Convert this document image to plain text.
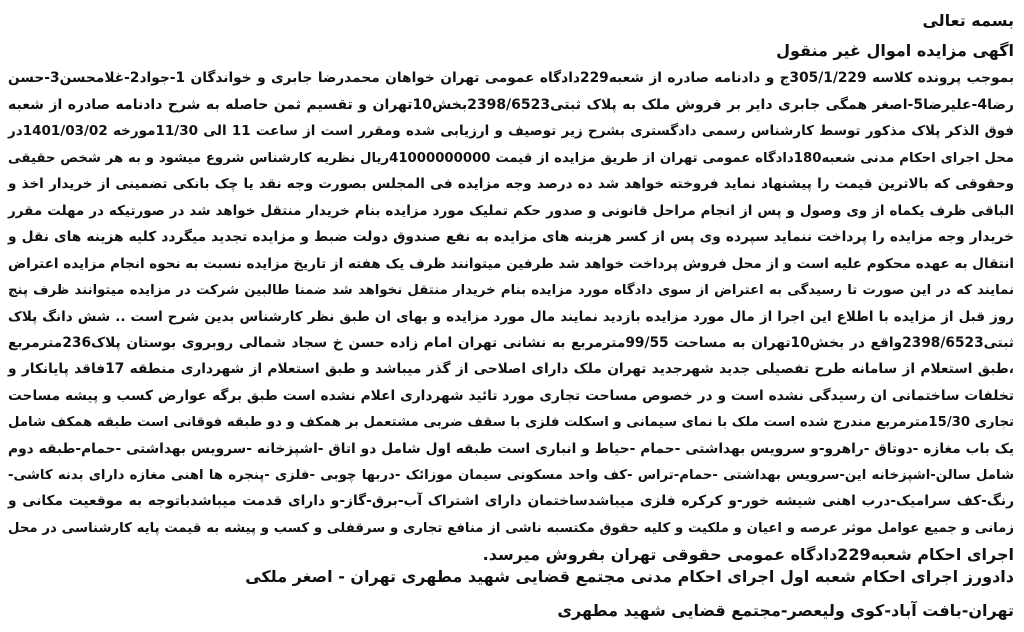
بسمه تعالی
اگهی مزایده اموال غیر منقول
بموجب پرونده کلاسه 305/1/229ج و دادنامه صادره از شعبه229دادگاه عمومی تهران خواهان محمدرضا جابری و خواندگان 1-جواد2-غلامحسن3-حسن
رضا4-علیرضا5-اصغر همگی جابری دایر بر فروش ملک به پلاک ثبتی2398/6523بخش10تهران و تقسیم ثمن حاصله به شرح دادنامه صادره از شعبه
فوق الذکر پلاک مذکور توسط کارشناس رسمی دادگستری بشرح زیر توصیف و ارزیابی شده ومقرر است از ساعت 11 الی 11/30مورخه 1401/03/02در
محل اجرای احکام مدنی شعبه180دادگاه عمومی تهران از طریق مزایده از قیمت 41000000000ریال نظریه کارشناس شروع میشود و به هر شخص حقیقی
وحقوقی که بالاترین قیمت را پیشنهاد نماید فروخته خواهد شد ده درصد وجه مزایده فی المجلس بصورت وجه نقد یا چک بانکی تضمینی از خریدار اخذ و
الباقی ظرف یکماه از وی وصول و پس از انجام مراحل قانونی و صدور حکم تملیک مورد مزایده بنام خریدار منتقل خواهد شد در صورتیکه در مهلت مقرر
خریدار وجه مزایده را پرداخت ننماید سپرده وی پس از کسر هزینه های مزایده به نفع صندوق دولت ضبط و مزایده تجدید میگردد کلیه هزینه های نقل و
انتقال به عهده محکوم علیه است و از محل فروش پرداخت خواهد شد طرفین میتوانند ظرف یک هفته از تاریخ مزایده نسبت به نحوه انجام مزایده اعتراض
نمایند که در این صورت تا رسیدگی به اعتراض از سوی دادگاه مورد مزایده بنام خریدار منتقل نخواهد شد ضمنا طالبین شرکت در مزایده میتوانند ظرف پنج
روز قبل از مزایده با اطلاع این اجرا از مال مورد مزایده بازدید نمایند مال مورد مزایده و بهای ان طبق نظر کارشناس بدین شرح است .. شش دانگ پلاک
ثبتی2398/6523واقع در بخش10تهران به مساحت 99/55مترمربع به نشانی تهران امام زاده حسن خ سجاد شمالی روبروی بوستان پلاک236مترمربع
،طبق استعلام از سامانه طرح تفصیلی جدید شهرجدید تهران ملک دارای اصلاحی از گذر میباشد و طبق استعلام از شهرداری منطقه 17فاقد پایانکار و
تخلفات ساختمانی ان رسیدگی نشده است و در خصوص مساحت تجاری مورد تائید شهرداری اعلام نشده است طبق برگه عوارض کسب و پیشه مساحت
تجاری 15/30مترمربع مندرج شده است ملک با نمای سیمانی و اسکلت فلزی با سقف ضربی مشتعمل بر همکف و دو طبقه فوقانی است طبقه همکف شامل
یک باب مغازه -دوتاق -راهرو-و سرویس بهداشتی -حمام -حیاط و انباری است طبقه اول شامل دو اتاق -اشپزخانه -سرویس بهداشتی -حمام-طبقه دوم
شامل سالن-اشپزخانه این-سرویس بهداشتی -حمام-تراس -کف واحد مسکونی سیمان موزائک -دربها چوبی -فلزی -پنجره ها اهنی مغازه دارای بدنه کاشی-
رنگ-کف سرامیک-درب اهنی شیشه خور-و کرکره فلزی میباشدساختمان دارای اشتراک آب-برق-گاز-و دارای قدمت میباشدباتوجه به موقعیت مکانی و
زمانی و جمیع عوامل موثر عرصه و اعیان و ملکیت و کلیه حقوق مکتسبه ناشی از منافع تجاری و سرقفلی و کسب و پیشه به قیمت پایه کارشناسی در محل
اجرای احکام شعبه229دادگاه عمومی حقوقی تهران بفروش میرسد.
دادورز اجرای احکام شعبه اول اجرای احکام مدنی مجتمع قضایی شهید مطهری تهران - اصغر ملکی
تهران-بافت آباد-کوی ولیعصر-مجتمع قضایی شهید مطهری
